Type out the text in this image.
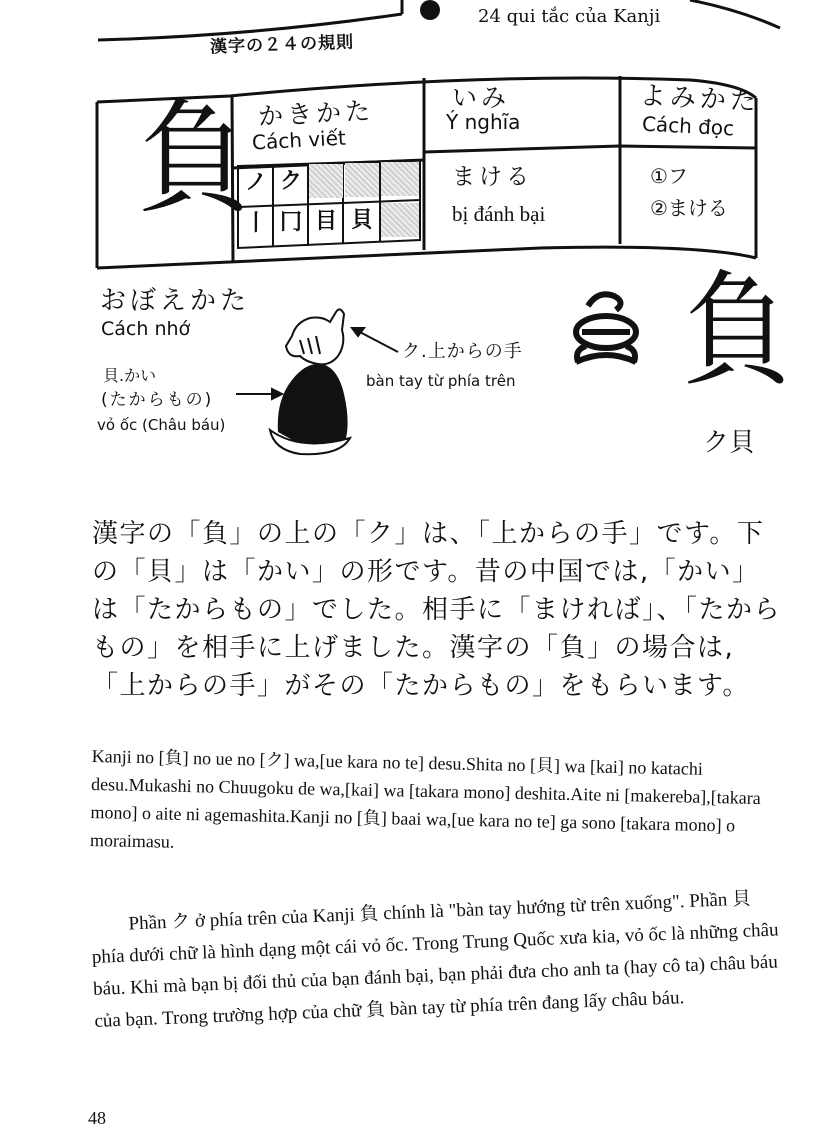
漢字の２４の規則
24 qui tắc của Kanji
負 かきかた
Cách viết
ノ ク
丨 冂 目 貝
いみ
Ý nghĩa
まける
bị đánh bại
よみかた
Cách đọc
①フ
②まける
おぼえかた
Cách nhớ
貝.かい
(たからもの)
vỏ ốc (Châu báu)
ク.上からの手
bàn tay từ phía trên 負
ク貝
漢字の「負」の上の「ク」は、「上からの手」です。下の「貝」は「かい」の形です。昔の中国では,「かい」は「たからもの」でした。相手に「まければ」、「たからもの」を相手に上げました。漢字の「負」の場合は,「上からの手」がその「たからもの」をもらいます。
Kanji no [負] no ue no [ク] wa,[ue kara no te] desu.Shita no [貝] wa [kai] no katachi desu.Mukashi no Chuugoku de wa,[kai] wa [takara mono] deshita.Aite ni [makereba],[takara mono] o aite ni agemashita.Kanji no [負] baai wa,[ue kara no te] ga sono [takara mono] o moraimasu.
Phần ク ở phía trên của Kanji 負 chính là "bàn tay hướng từ trên xuống". Phần 貝 phía dưới chữ là hình dạng một cái vỏ ốc. Trong Trung Quốc xưa kia, vỏ ốc là những châu báu. Khi mà bạn bị đối thủ của bạn đánh bại, bạn phải đưa cho anh ta (hay cô ta) châu báu của bạn. Trong trường hợp của chữ 負 bàn tay từ phía trên đang lấy châu báu.
48
